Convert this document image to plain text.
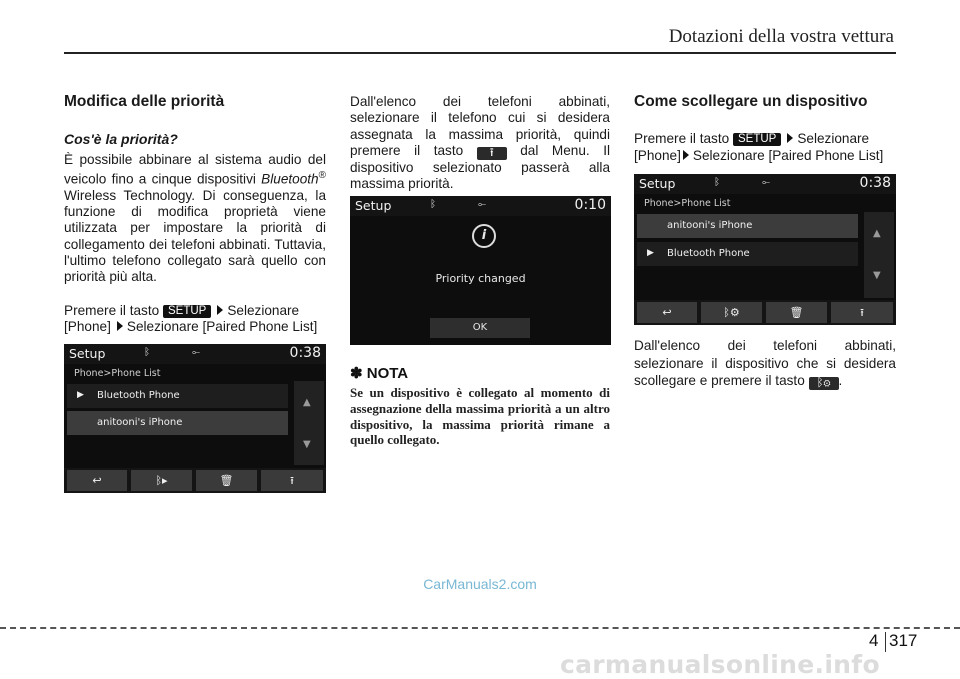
Dotazioni della vostra vettura
Modifica delle priorità
Cos'è la priorità?

È possibile abbinare al sistema audio del veicolo fino a cinque dispositivi Bluetooth® Wireless Technology. Di conseguenza, la funzione di modifica proprietà viene utilizzata per impostare la priorità di collegamento dei telefoni abbinati. Tuttavia, l'ultimo telefono collegato sarà quello con priorità più alta.

Premere il tasto SETUP Selezionare
[Phone] Selezionare [Paired Phone List]

Setup	ᛒ	⟜	0:38
Phone>Phone List
▶ Bluetooth Phone
anitooni's iPhone
▲
▼
↩	ᛒ▸	🗑	⭱

Dall'elenco dei telefoni abbinati, selezionare il telefono cui si desidera assegnata la massima priorità, quindi premere il tasto ⭱ dal Menu. Il dispositivo selezionato passerà alla massima priorità.

Setup	ᛒ	⟜	0:10
i
Priority changed
OK
✽ NOTA
Se un dispositivo è collegato al momento di assegnazione della massima priorità a un altro dispositivo, la massima priorità rimane a quello collegato.
Come scollegare un dispositivo

Premere il tasto SETUP Selezionare
[Phone] Selezionare [Paired Phone List]

Setup	ᛒ	⟜	0:38
Phone>Phone List
anitooni's iPhone
▶ Bluetooth Phone
▲
▼
↩	ᛒ⚙	🗑	⭱

Dall'elenco dei telefoni abbinati, selezionare il dispositivo che si desidera scollegare e premere il tasto ᛒ⚙ .

CarManuals2.com
4 317
carmanualsonline.info
